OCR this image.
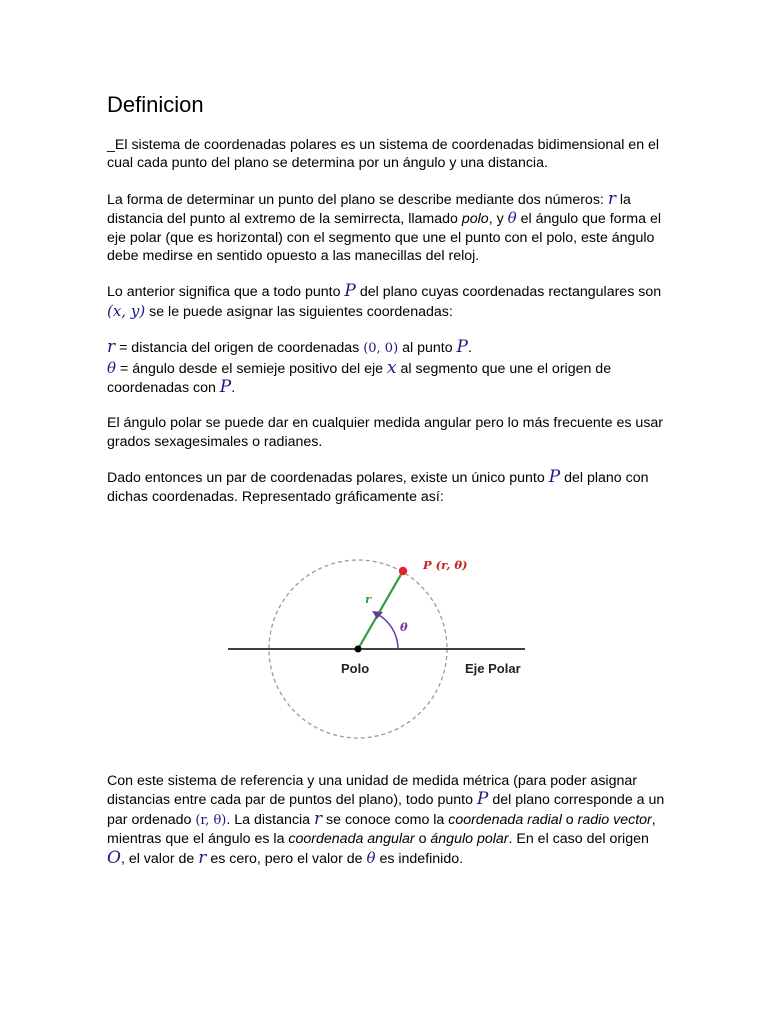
Definicion

_El sistema de coordenadas polares es un sistema de coordenadas bidimensional en el cual cada punto del plano se determina por un ángulo y una distancia.

La forma de determinar un punto del plano se describe mediante dos números: r la distancia del punto al extremo de la semirrecta, llamado polo, y θ el ángulo que forma el eje polar (que es horizontal) con el segmento que une el punto con el polo, este ángulo debe medirse en sentido opuesto a las manecillas del reloj.

Lo anterior significa que a todo punto P del plano cuyas coordenadas rectangulares son (x, y) se le puede asignar las siguientes coordenadas:

r = distancia del origen de coordenadas (0, 0) al punto P.
θ = ángulo desde el semieje positivo del eje x al segmento que une el origen de coordenadas con P.

El ángulo polar se puede dar en cualquier medida angular pero lo más frecuente es usar grados sexagesimales o radianes.

Dado entonces un par de coordenadas polares, existe un único punto P del plano con dichas coordenadas. Representado gráficamente así:

P (r, θ)
r
θ
Polo	Eje Polar

Con este sistema de referencia y una unidad de medida métrica (para poder asignar distancias entre cada par de puntos del plano), todo punto P del plano corresponde a un par ordenado (r, θ). La distancia r se conoce como la coordenada radial o radio vector, mientras que el ángulo es la coordenada angular o ángulo polar. En el caso del origen O, el valor de r es cero, pero el valor de θ es indefinido.
